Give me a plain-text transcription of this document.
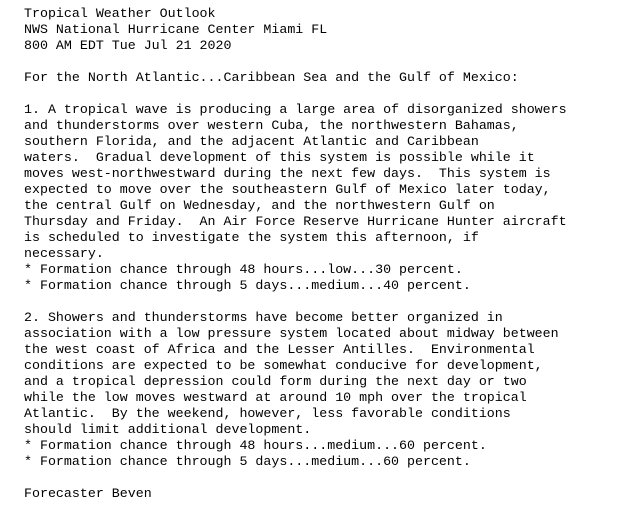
Tropical Weather Outlook
NWS National Hurricane Center Miami FL
800 AM EDT Tue Jul 21 2020
For the North Atlantic...Caribbean Sea and the Gulf of Mexico:
1. A tropical wave is producing a large area of disorganized showers
and thunderstorms over western Cuba, the northwestern Bahamas,
southern Florida, and the adjacent Atlantic and Caribbean
waters.  Gradual development of this system is possible while it
moves west-northwestward during the next few days.  This system is
expected to move over the southeastern Gulf of Mexico later today,
the central Gulf on Wednesday, and the northwestern Gulf on
Thursday and Friday.  An Air Force Reserve Hurricane Hunter aircraft
is scheduled to investigate the system this afternoon, if
necessary.
* Formation chance through 48 hours...low...30 percent.
* Formation chance through 5 days...medium...40 percent.
2. Showers and thunderstorms have become better organized in
association with a low pressure system located about midway between
the west coast of Africa and the Lesser Antilles.  Environmental
conditions are expected to be somewhat conducive for development,
and a tropical depression could form during the next day or two
while the low moves westward at around 10 mph over the tropical
Atlantic.  By the weekend, however, less favorable conditions
should limit additional development.
* Formation chance through 48 hours...medium...60 percent.
* Formation chance through 5 days...medium...60 percent.
Forecaster Beven
